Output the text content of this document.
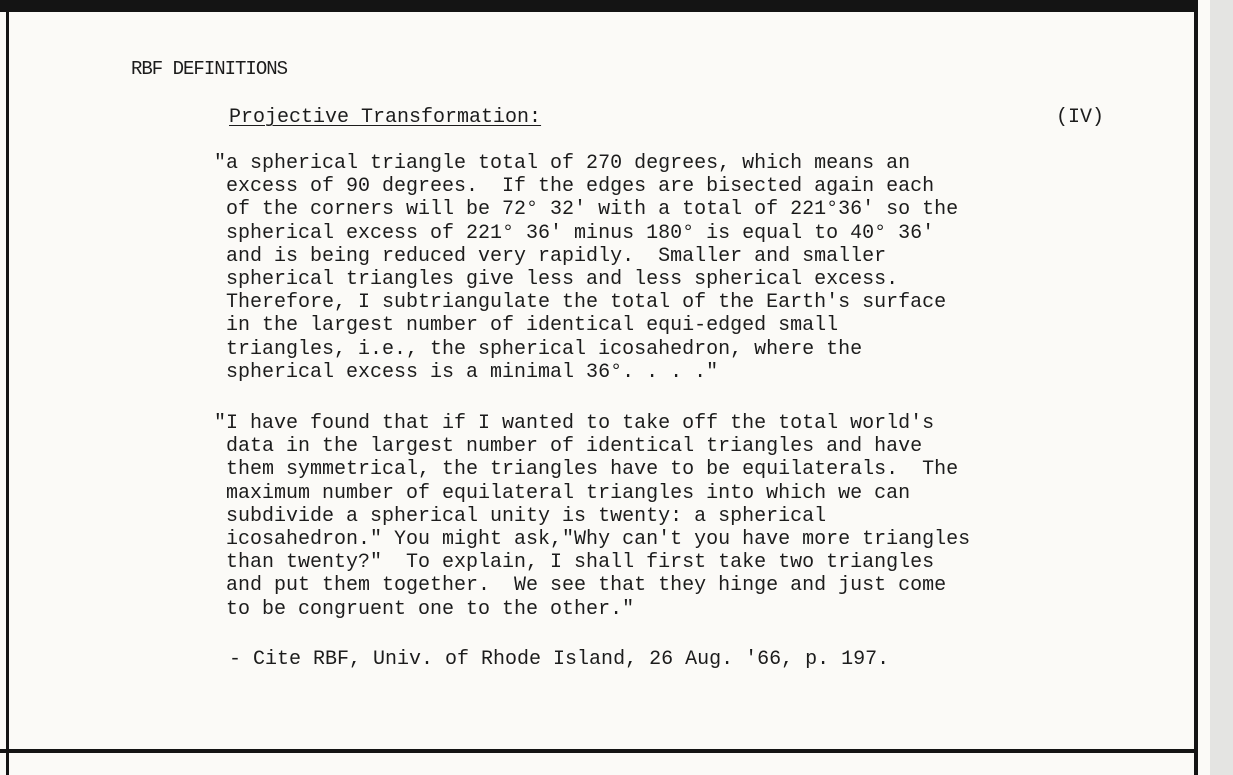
RBF DEFINITIONS
Projective Transformation:	(IV)

"a spherical triangle total of 270 degrees, which means an
excess of 90 degrees.  If the edges are bisected again each
of the corners will be 72° 32' with a total of 221°36' so the
spherical excess of 221° 36' minus 180° is equal to 40° 36'
and is being reduced very rapidly.  Smaller and smaller
spherical triangles give less and less spherical excess.
Therefore, I subtriangulate the total of the Earth's surface
in the largest number of identical equi-edged small
triangles, i.e., the spherical icosahedron, where the
spherical excess is a minimal 36°. . . ."

"I have found that if I wanted to take off the total world's
data in the largest number of identical triangles and have
them symmetrical, the triangles have to be equilaterals.  The
maximum number of equilateral triangles into which we can
subdivide a spherical unity is twenty: a spherical
icosahedron." You might ask,"Why can't you have more triangles
than twenty?"  To explain, I shall first take two triangles
and put them together.  We see that they hinge and just come
to be congruent one to the other."

- Cite RBF, Univ. of Rhode Island, 26 Aug. '66, p. 197.
